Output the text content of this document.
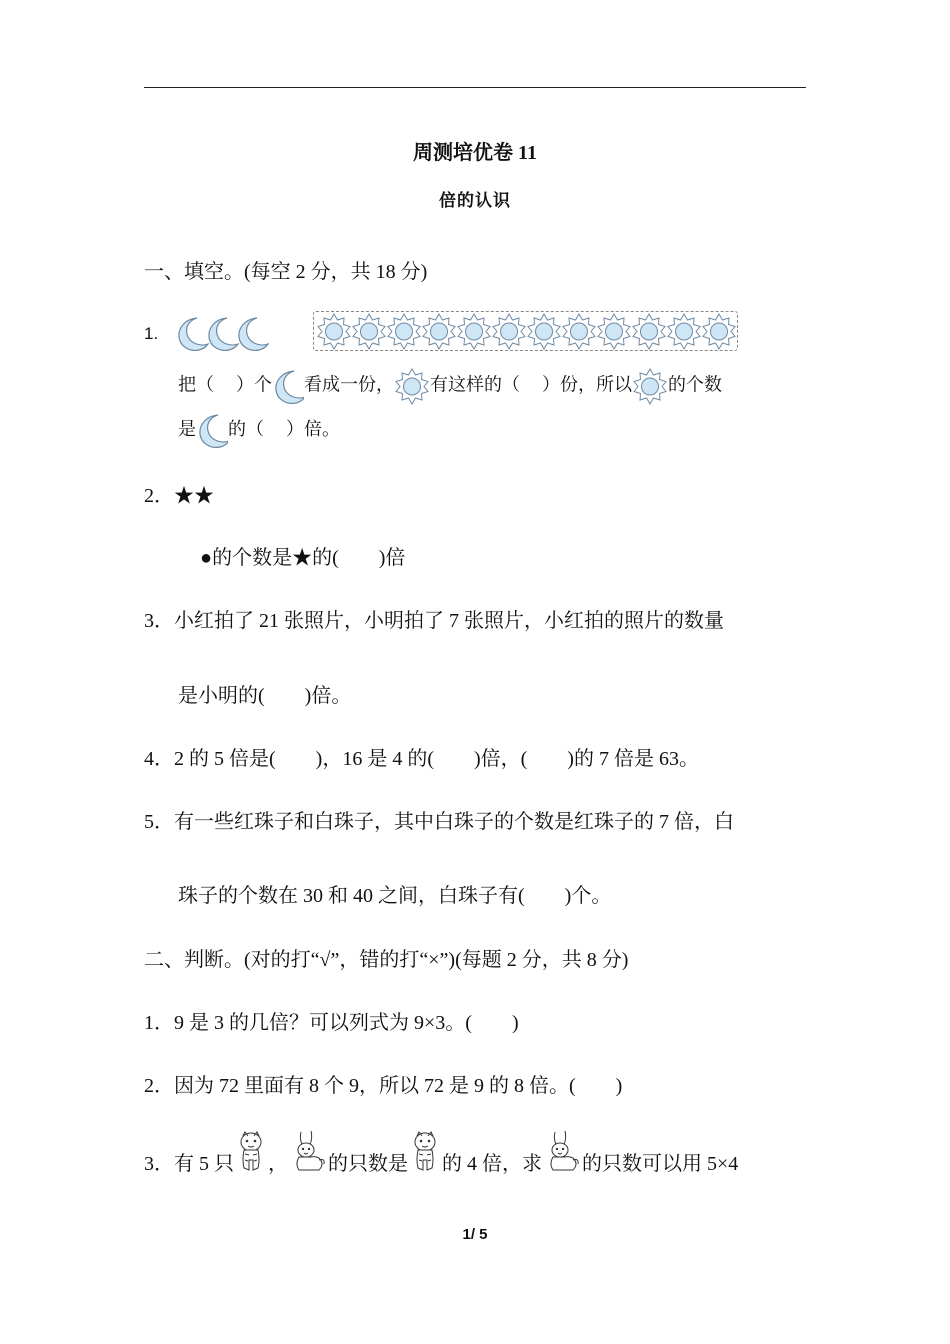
周测培优卷 11
倍的认识
一、填空。(每空 2 分，共 18 分)
1.
把（ ）个 看成一份， 有这样的（ ）份，所以 的个数
是 的（ ）倍。
2．★★
●的个数是★的(　　)倍
3．小红拍了 21 张照片，小明拍了 7 张照片，小红拍的照片的数量
是小明的(　　)倍。
4．2 的 5 倍是(　　)，16 是 4 的(　　)倍，(　　)的 7 倍是 63。
5．有一些红珠子和白珠子，其中白珠子的个数是红珠子的 7 倍，白
珠子的个数在 30 和 40 之间，白珠子有(　　)个。
二、判断。(对的打“√”，错的打“×”)(每题 2 分，共 8 分)
1．9 是 3 的几倍？可以列式为 9×3。(　　)
2．因为 72 里面有 8 个 9，所以 72 是 9 的 8 倍。(　　)
3．有 5 只 ， 的只数是 的 4 倍，求 的只数可以用 5×4
1/ 5
